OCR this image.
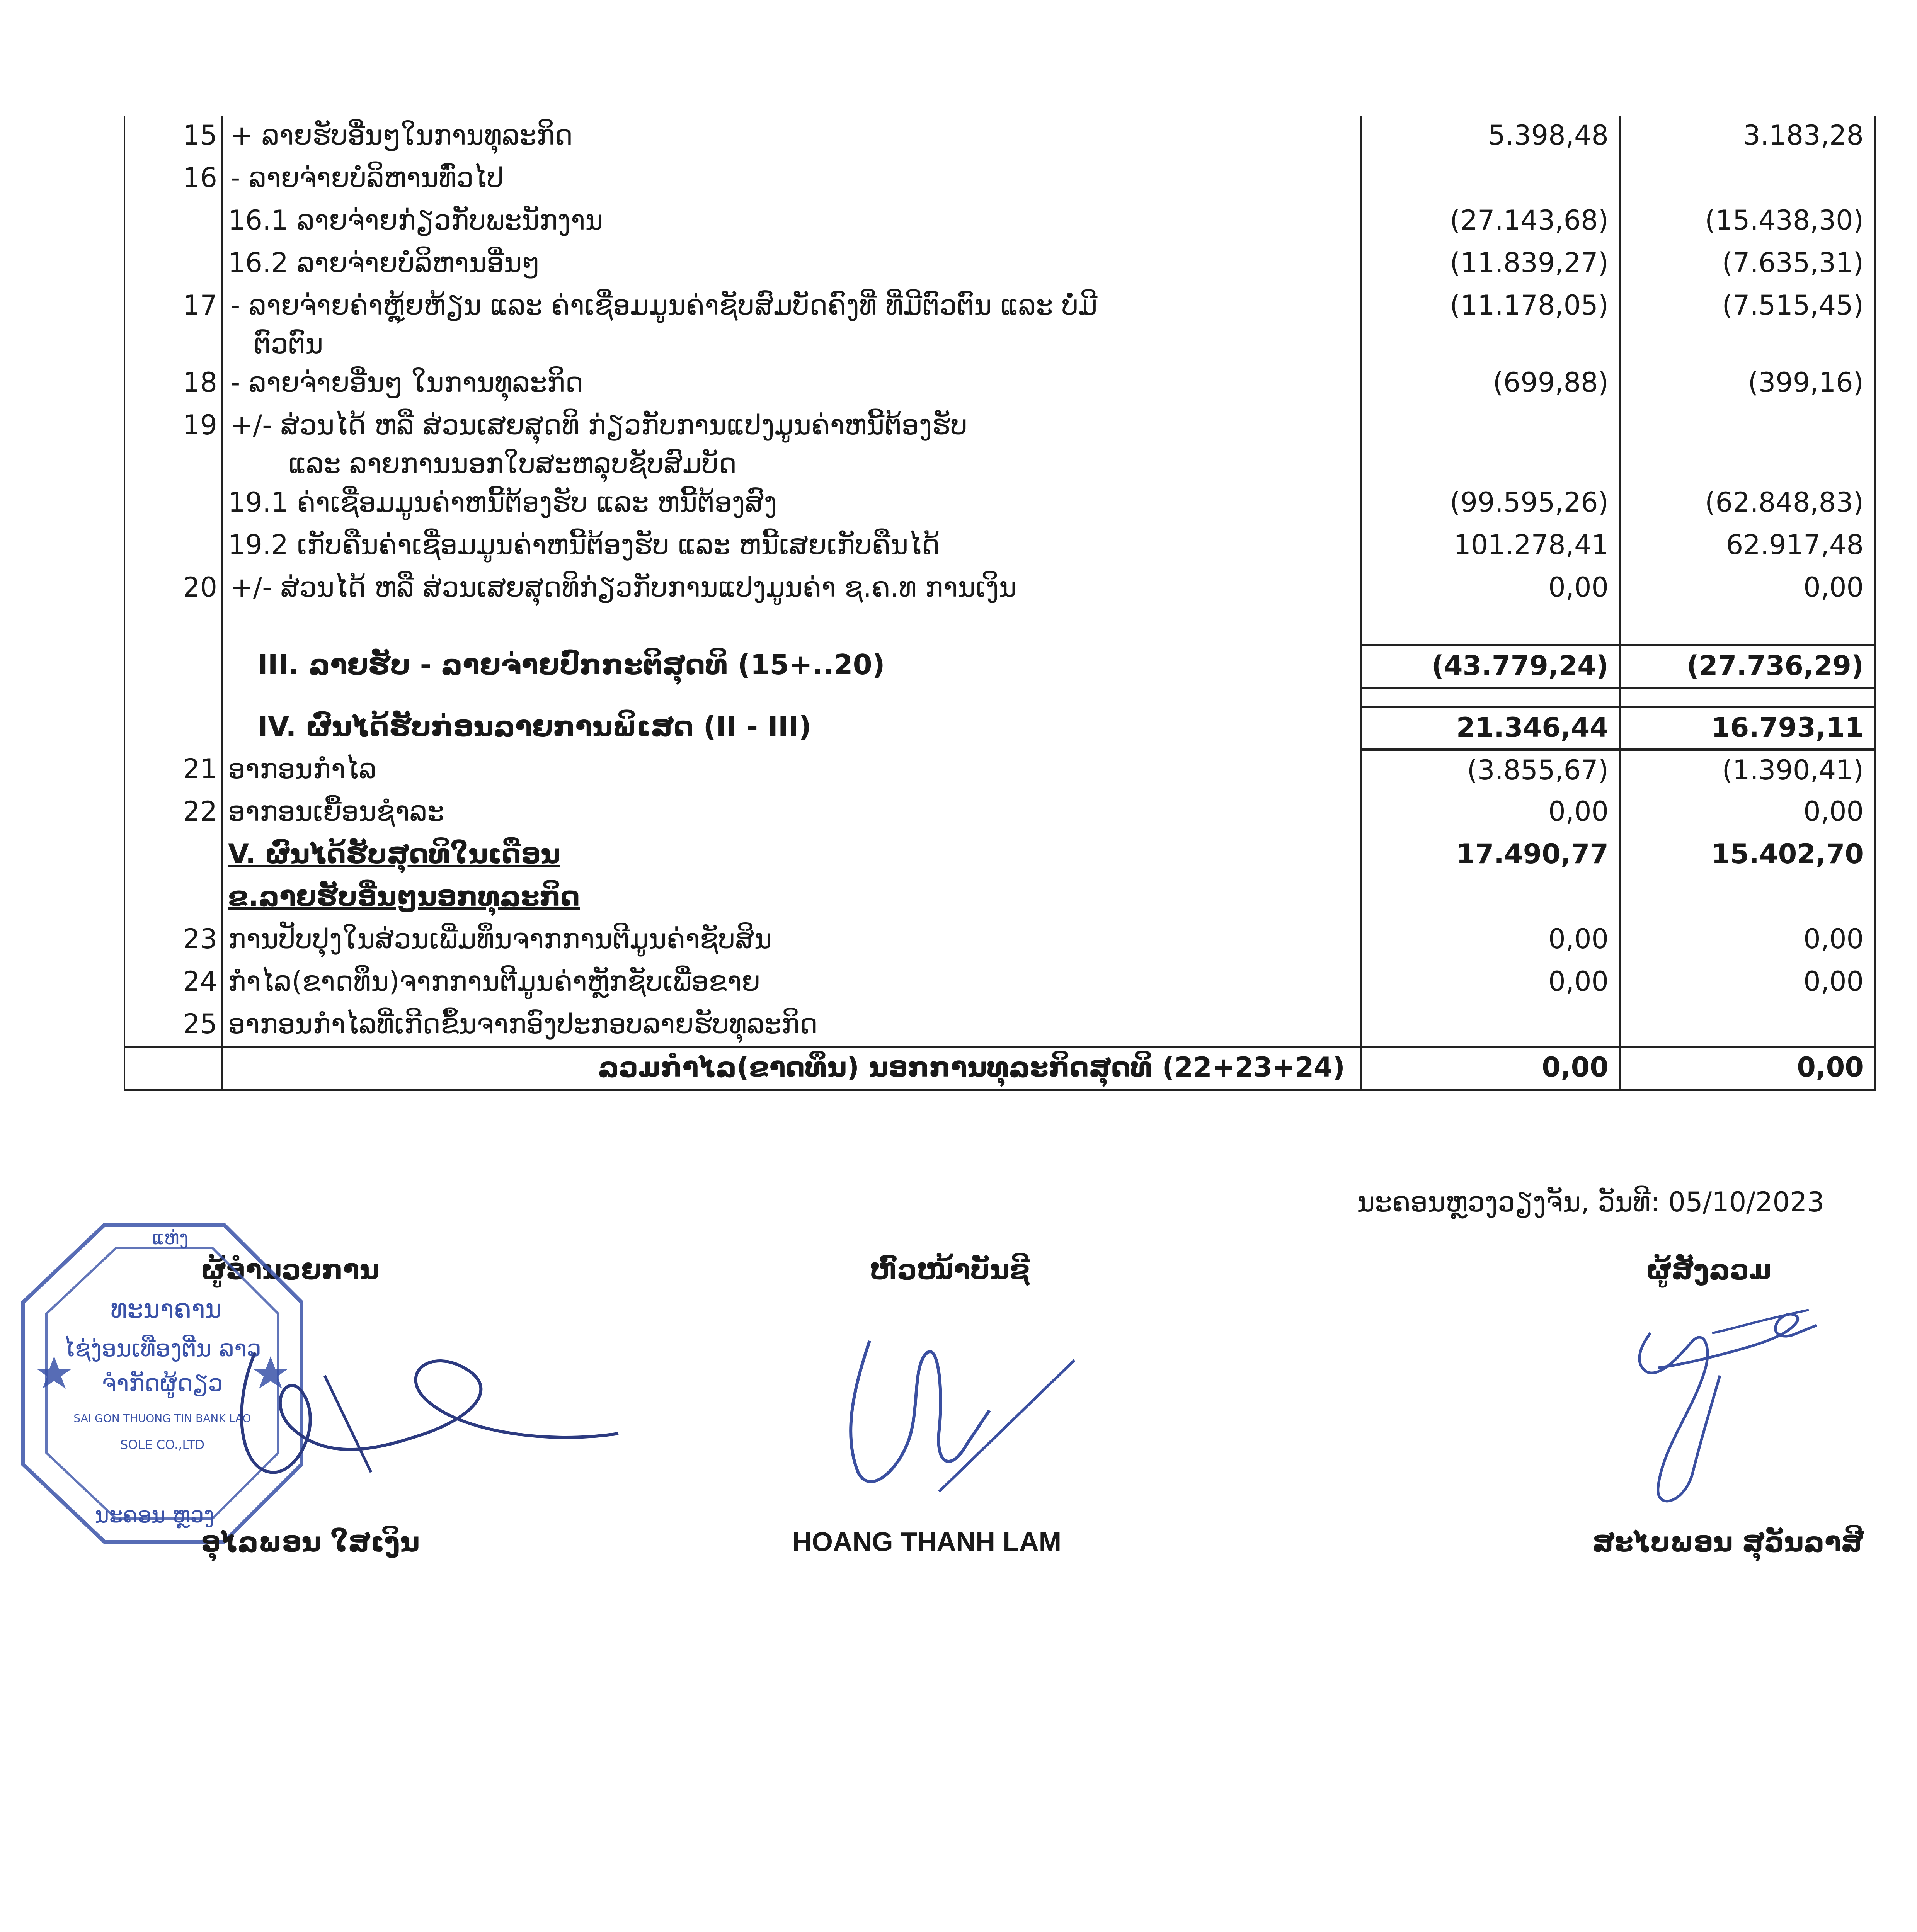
15	+ ລາຍຮັບອື່ນໆໃນການທຸລະກິດ	5.398,48	3.183,28
16	- ລາຍຈ່າຍບໍລິຫານທົ່ວໄປ		
	16.1 ລາຍຈ່າຍກ່ຽວກັບພະນັກງານ	(27.143,68)	(15.438,30)
	16.2 ລາຍຈ່າຍບໍລິຫານອື່ນໆ	(11.839,27)	(7.635,31)
17	- ລາຍຈ່າຍຄ່າຫຼຸ້ຍຫ້ຽນ ແລະ ຄ່າເຊື່ອມມູນຄ່າຊັບສົມບັດຄົງທີ່ ທີ່ມີຕົວຕົນ ແລະ ບໍ່ມີ
ຕົວຕົນ	(11.178,05)	(7.515,45)
18	- ລາຍຈ່າຍອື່ນໆ ໃນການທຸລະກິດ	(699,88)	(399,16)
19	+/- ສ່ວນໄດ້ ຫລື ສ່ວນເສຍສຸດທິ ກ່ຽວກັບການແປງມູນຄ່າຫນີ້ຕ້ອງຮັບ
ແລະ ລາຍການນອກໃບສະຫລຸບຊັບສົມບັດ		

	19.1 ຄ່າເຊື່ອມມູນຄ່າຫນີ້ຕ້ອງຮັບ ແລະ ຫນີ້ຕ້ອງສົງ	(99.595,26)	(62.848,83)
	19.2 ເກັບຄືນຄ່າເຊື່ອມມູນຄ່າຫນີ້ຕ້ອງຮັບ ແລະ ຫນີ້ເສຍເກັບຄືນໄດ້	101.278,41	62.917,48
20	+/- ສ່ວນໄດ້ ຫລື ສ່ວນເສຍສຸດທິກ່ຽວກັບການແປງມູນຄ່າ ຊ.ຄ.ທ ການເງິນ	0,00	0,00

	III. ລາຍຮັບ - ລາຍຈ່າຍປົກກະຕິສຸດທິ (15+..20)	(43.779,24)	(27.736,29)

	IV. ຜົນໄດ້ຮັບກ່ອນລາຍການພິເສດ (II - III)	21.346,44	16.793,11
21	ອາກອນກຳໄລ	(3.855,67)	(1.390,41)
22	ອາກອນເຍື້ອນຊໍາລະ	0,00	0,00
	V. ຜົນໄດ້ຮັບສຸດທິໃນເດືອນ	17.490,77	15.402,70
	ຂ.ລາຍຮັບອື່ນໆນອກທຸລະກິດ		
23	ການປັບປຸງໃນສ່ວນເພີ່ມທຶນຈາກການຕີມູນຄ່າຊັບສິນ	0,00	0,00
24	ກໍາໄລ(ຂາດທຶນ)ຈາກການຕີມູນຄ່າຫຼັກຊັບເພື່ອຂາຍ	0,00	0,00
25	ອາກອນກໍາໄລທີ່ເກີດຂຶ້ນຈາກອົງປະກອບລາຍຮັບທຸລະກິດ		
	ລວມກໍາໄລ(ຂາດທຶນ) ນອກການທຸລະກິດສຸດທິ (22+23+24)	0,00	0,00
ນະຄອນຫຼວງວຽງຈັນ, ວັນທີ: 05/10/2023
ຜູ້ອຳນວຍການ	ຫົວໜ້າບັນຊີ	ຜູ້ສັງລວມ
ແຫ່ງ
ທະນາຄານ
ໄຊ່ງ່ອນເທືອງຕີ່ນ ລາວ
ຈຳກັດຜູ້ດຽວ
SAI GON THUONG TIN BANK LAO
SOLE CO.,LTD
ນະຄອນ ຫຼວງ
ອຸໄລພອນ ໃສເງິນ	HOANG THANH LAM	ສະໄບພອນ ສຸວັນລາສີ
